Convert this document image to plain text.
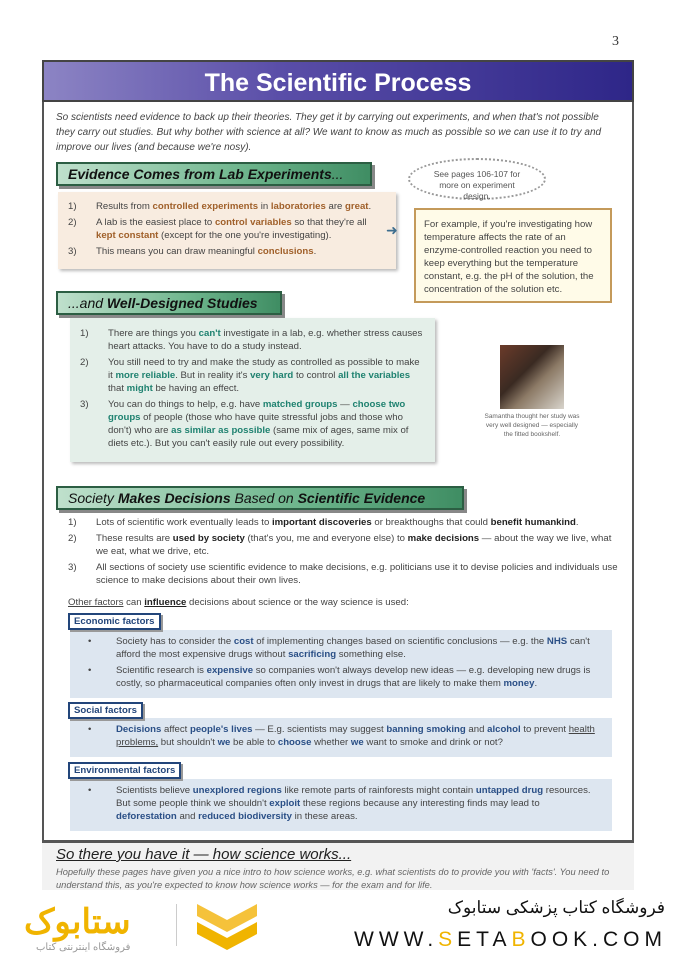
3
The Scientific Process

So scientists need evidence to back up their theories. They get it by carrying out experiments, and when that's not possible they carry out studies. But why bother with science at all? We want to know as much as possible so we can use it to try and improve our lives (and because we're nosy).

Evidence Comes from Lab Experiments...
1)	Results from controlled experiments in laboratories are great.
2)	A lab is the easiest place to control variables so that they're all kept constant (except for the one you're investigating).
3)	This means you can draw meaningful conclusions.
See pages 106-107 for more on experiment design.
➜	For example, if you're investigating how temperature affects the rate of an enzyme-controlled reaction you need to keep everything but the temperature constant, e.g. the pH of the solution, the concentration of the solution etc.
...and Well-Designed Studies
1)	There are things you can't investigate in a lab, e.g. whether stress causes heart attacks. You have to do a study instead.
2)	You still need to try and make the study as controlled as possible to make it more reliable. But in reality it's very hard to control all the variables that might be having an effect.
3)	You can do things to help, e.g. have matched groups — choose two groups of people (those who have quite stressful jobs and those who don't) who are as similar as possible (same mix of ages, same mix of diets etc.). But you can't easily rule out every possibility.
Samantha thought her study was very well designed — especially the fitted bookshelf.
Society Makes Decisions Based on Scientific Evidence
1)	Lots of scientific work eventually leads to important discoveries or breakthoughs that could benefit humankind.
2)	These results are used by society (that's you, me and everyone else) to make decisions — about the way we live, what we eat, what we drive, etc.
3)	All sections of society use scientific evidence to make decisions, e.g. politicians use it to devise policies and individuals use science to make decisions about their own lives.

Other factors can influence decisions about science or the way science is used:

•	Society has to consider the cost of implementing changes based on scientific conclusions — e.g. the NHS can't afford the most expensive drugs without sacrificing something else.
•	Scientific research is expensive so companies won't always develop new ideas — e.g. developing new drugs is costly, so pharmaceutical companies often only invest in drugs that are likely to make them money.
Economic factors
•	Decisions affect people's lives — E.g. scientists may suggest banning smoking and alcohol to prevent health problems, but shouldn't we be able to choose whether we want to smoke and drink or not?
Social factors
•	Scientists believe unexplored regions like remote parts of rainforests might contain untapped drug resources. But some people think we shouldn't exploit these regions because any interesting finds may lead to deforestation and reduced biodiversity in these areas.
Environmental factors
So there you have it — how science works...
Hopefully these pages have given you a nice intro to how science works, e.g. what scientists do to provide you with 'facts'. You need to understand this, as you're expected to know how science works — for the exam and for life.
ستابوک
فروشگاه اینترنتی کتاب
فروشگاه کتاب پزشکی ستابوک
WWW.SETABOOK.COM
